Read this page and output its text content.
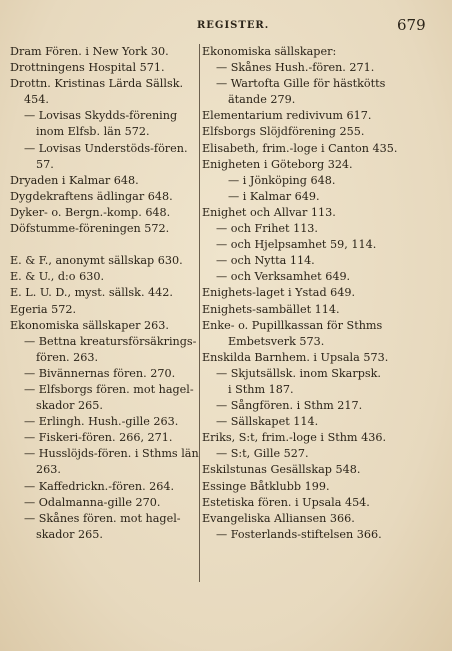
REGISTER.	679
Dram Fören. i New York 30.
Drottningens Hospital 571.
Drottn. Kristinas Lärda Sällsk.
454.
— Lovisas Skydds-förening
inom Elfsb. län 572.
— Lovisas Understöds-fören.
57.
Dryaden i Kalmar 648.
Dygdekraftens ädlingar 648.
Dyker- o. Bergn.-komp. 648.
Döfstumme-föreningen 572.
E. & F., anonymt sällskap 630.
E. & U., d:o 630.
E. L. U. D., myst. sällsk. 442.
Egeria 572.
Ekonomiska sällskaper 263.
— Bettna kreatursförsäkrings-
fören. 263.
— Bivännernas fören. 270.
— Elfsborgs fören. mot hagel-
skador 265.
— Erlingh. Hush.-gille 263.
— Fiskeri-fören. 266, 271.
— Husslöjds-fören. i Sthms län
263.
— Kaffedrickn.-fören. 264.
— Odalmanna-gille 270.
— Skånes fören. mot hagel-
skador 265.
Ekonomiska sällskaper:
— Skånes Hush.-fören. 271.
— Wartofta Gille för hästkötts
ätande 279.
Elementarium redivivum 617.
Elfsborgs Slöjdförening 255.
Elisabeth, frim.-loge i Canton 435.
Enigheten i Göteborg 324.
— i Jönköping 648.
— i Kalmar 649.
Enighet och Allvar 113.
— och Frihet 113.
— och Hjelpsamhet 59, 114.
— och Nytta 114.
— och Verksamhet 649.
Enighets-laget i Ystad 649.
Enighets-sambället 114.
Enke- o. Pupillkassan för Sthms
Embetsverk 573.
Enskilda Barnhem. i Upsala 573.
— Skjutsällsk. inom Skarpsk.
i Sthm 187.
— Sångfören. i Sthm 217.
— Sällskapet 114.
Eriks, S:t, frim.-loge i Sthm 436.
— S:t, Gille 527.
Eskilstunas Gesällskap 548.
Essinge Båtklubb 199.
Estetiska fören. i Upsala 454.
Evangeliska Alliansen 366.
— Fosterlands-stiftelsen 366.
